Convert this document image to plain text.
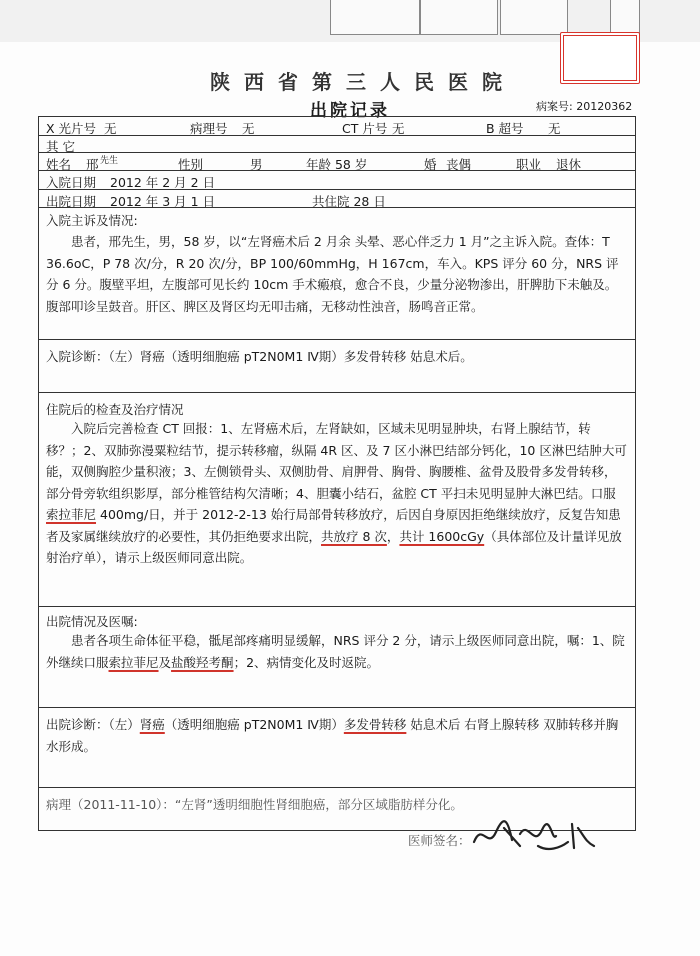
陕西省第三人民医院
出院记录	病案号: 20120362
X 光片号 无	病理号 无	CT 片号 无	B 超号 无
其 它
姓名 邢 先生	性别	男	年龄 58 岁	婚 丧偶	职业 退休
入院日期 2012 年 2 月 2 日
出院日期 2012 年 3 月 1 日	共住院 28 日
入院主诉及情况:
患者，邢先生，男，58 岁，以“左肾癌术后 2 月余 头晕、恶心伴乏力 1 月”之主诉入院。查体：T 36.6oC，P 78 次/分，R 20 次/分，BP 100/60mmHg，H 167cm，车入。KPS 评分 60 分，NRS 评分 6 分。腹壁平坦，左腹部可见长约 10cm 手术瘢痕，愈合不良，少量分泌物渗出，肝脾肋下未触及。腹部叩诊呈鼓音。肝区、脾区及肾区均无叩击痛，无移动性浊音，肠鸣音正常。
入院诊断：（左）肾癌（透明细胞癌 pT2N0M1 Ⅳ期）多发骨转移 姑息术后。
住院后的检查及治疗情况
入院后完善检查 CT 回报：1、左肾癌术后，左肾缺如，区域未见明显肿块，右肾上腺结节，转移？；2、双肺弥漫粟粒结节，提示转移瘤，纵隔 4R 区、及 7 区小淋巴结部分钙化，10 区淋巴结肿大可能，双侧胸腔少量积液；3、左侧锁骨头、双侧肋骨、肩胛骨、胸骨、胸腰椎、盆骨及股骨多发骨转移，部分骨旁软组织影厚，部分椎管结构欠清晰；4、胆囊小结石，盆腔 CT 平扫未见明显肿大淋巴结。口服索拉菲尼 400mg/日，并于 2012-2-13 始行局部骨转移放疗，后因自身原因拒绝继续放疗，反复告知患者及家属继续放疗的必要性，其仍拒绝要求出院，共放疗 8 次，共计 1600cGy（具体部位及计量详见放射治疗单），请示上级医师同意出院。
出院情况及医嘱:
患者各项生命体征平稳，骶尾部疼痛明显缓解，NRS 评分 2 分，请示上级医师同意出院，嘱：1、院外继续口服索拉菲尼及盐酸羟考酮；2、病情变化及时返院。
出院诊断：（左）肾癌（透明细胞癌 pT2N0M1 Ⅳ期）多发骨转移 姑息术后 右肾上腺转移 双肺转移并胸水形成。
病理（2011-11-10）：“左肾”透明细胞性肾细胞癌，部分区域脂肪样分化。
医师签名：
